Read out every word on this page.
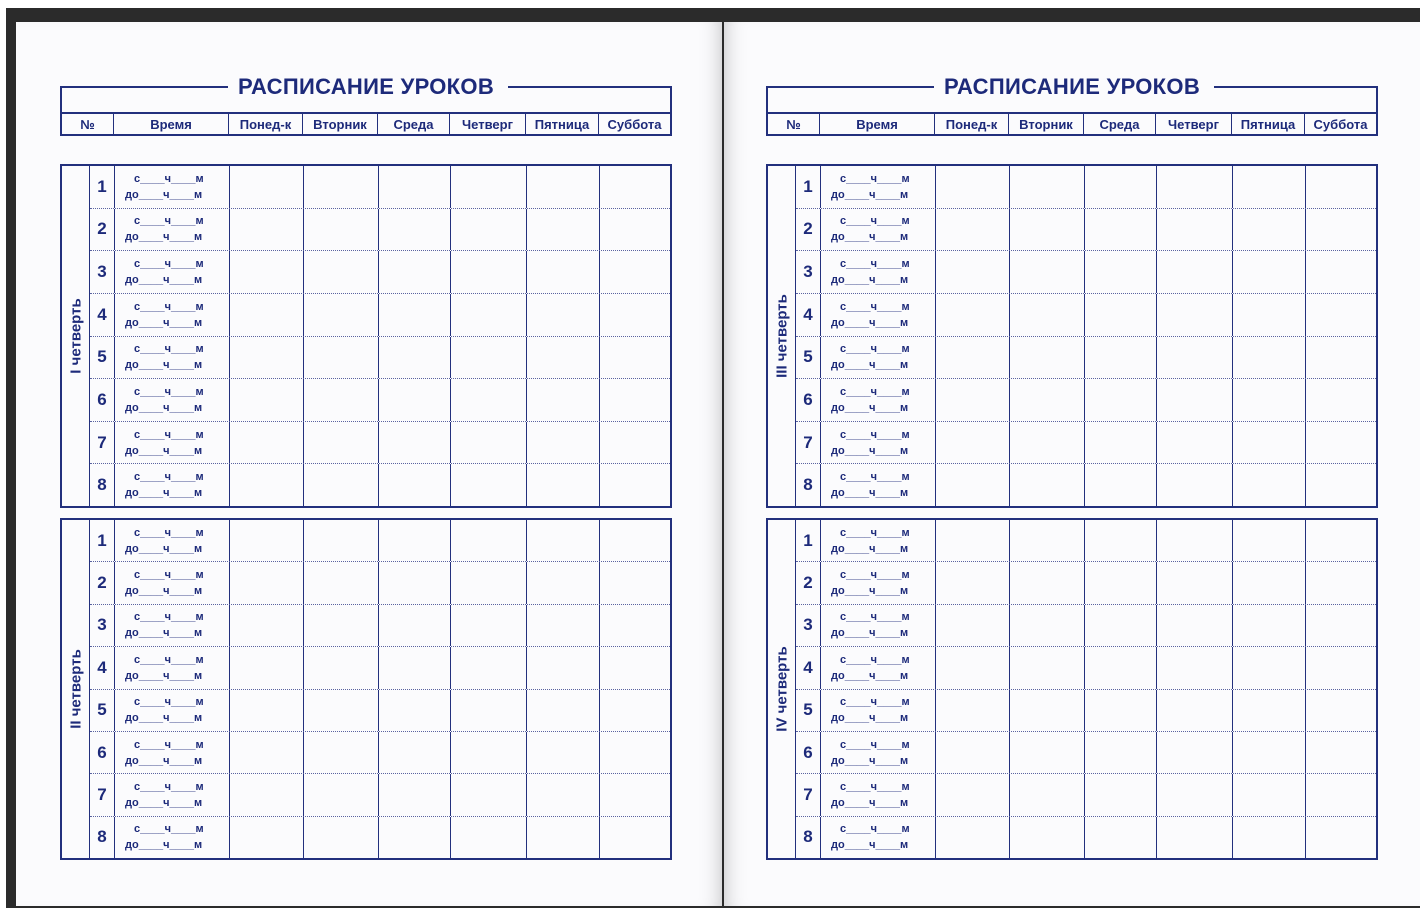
РАСПИСАНИЕ УРОКОВ
№	Время	Понед-к	Вторник	Среда	Четверг	Пятница	Суббота
I четверть
1	с____ч____м
до____ч____м
2	с____ч____м
до____ч____м
3	с____ч____м
до____ч____м
4	с____ч____м
до____ч____м
5	с____ч____м
до____ч____м
6	с____ч____м
до____ч____м
7	с____ч____м
до____ч____м
8	с____ч____м
до____ч____м
II четверть
1	с____ч____м
до____ч____м
2	с____ч____м
до____ч____м
3	с____ч____м
до____ч____м
4	с____ч____м
до____ч____м
5	с____ч____м
до____ч____м
6	с____ч____м
до____ч____м
7	с____ч____м
до____ч____м
8	с____ч____м
до____ч____м
РАСПИСАНИЕ УРОКОВ
№	Время	Понед-к	Вторник	Среда	Четверг	Пятница	Суббота
III четверть
1	с____ч____м
до____ч____м
2	с____ч____м
до____ч____м
3	с____ч____м
до____ч____м
4	с____ч____м
до____ч____м
5	с____ч____м
до____ч____м
6	с____ч____м
до____ч____м
7	с____ч____м
до____ч____м
8	с____ч____м
до____ч____м
IV четверть
1	с____ч____м
до____ч____м
2	с____ч____м
до____ч____м
3	с____ч____м
до____ч____м
4	с____ч____м
до____ч____м
5	с____ч____м
до____ч____м
6	с____ч____м
до____ч____м
7	с____ч____м
до____ч____м
8	с____ч____м
до____ч____м
